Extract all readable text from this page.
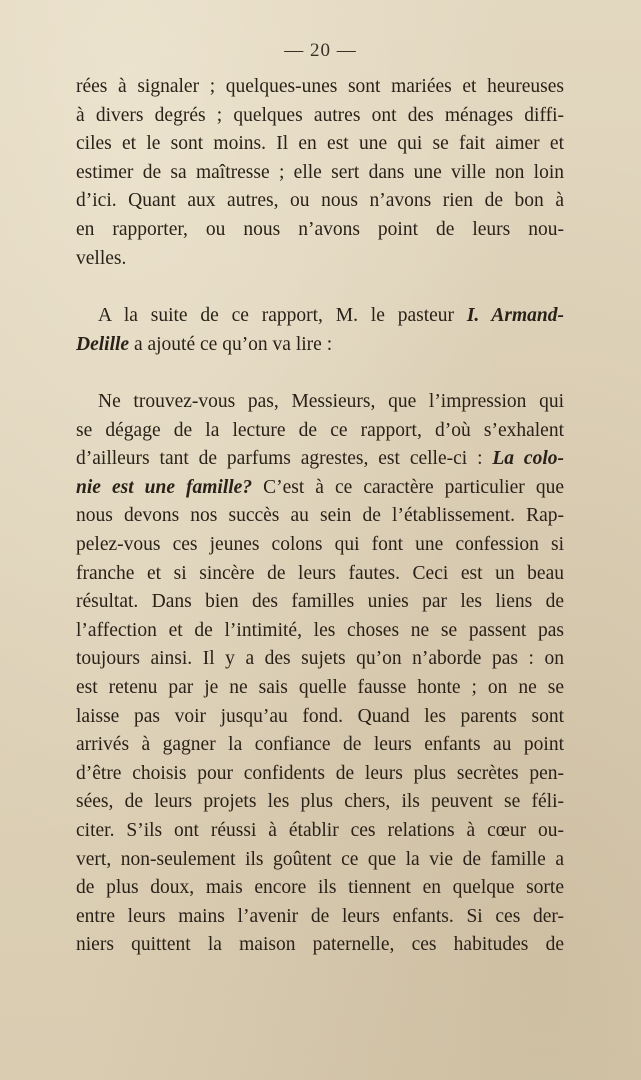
— 20 —
rées à signaler ; quelques-unes sont mariées et heureuses
à divers degrés ; quelques autres ont des ménages diffi-
ciles et le sont moins. Il en est une qui se fait aimer et
estimer de sa maîtresse ; elle sert dans une ville non loin
d’ici. Quant aux autres, ou nous n’avons rien de bon à
en rapporter, ou nous n’avons point de leurs nou-
velles.
A la suite de ce rapport, M. le pasteur I. Armand-
Delille a ajouté ce qu’on va lire :
Ne trouvez-vous pas, Messieurs, que l’impression qui
se dégage de la lecture de ce rapport, d’où s’exhalent
d’ailleurs tant de parfums agrestes, est celle-ci : La colo-
nie est une famille? C’est à ce caractère particulier que
nous devons nos succès au sein de l’établissement. Rap-
pelez-vous ces jeunes colons qui font une confession si
franche et si sincère de leurs fautes. Ceci est un beau
résultat. Dans bien des familles unies par les liens de
l’affection et de l’intimité, les choses ne se passent pas
toujours ainsi. Il y a des sujets qu’on n’aborde pas : on
est retenu par je ne sais quelle fausse honte ; on ne se
laisse pas voir jusqu’au fond. Quand les parents sont
arrivés à gagner la confiance de leurs enfants au point
d’être choisis pour confidents de leurs plus secrètes pen-
sées, de leurs projets les plus chers, ils peuvent se féli-
citer. S’ils ont réussi à établir ces relations à cœur ou-
vert, non-seulement ils goûtent ce que la vie de famille a
de plus doux, mais encore ils tiennent en quelque sorte
entre leurs mains l’avenir de leurs enfants. Si ces der-
niers quittent la maison paternelle, ces habitudes de
